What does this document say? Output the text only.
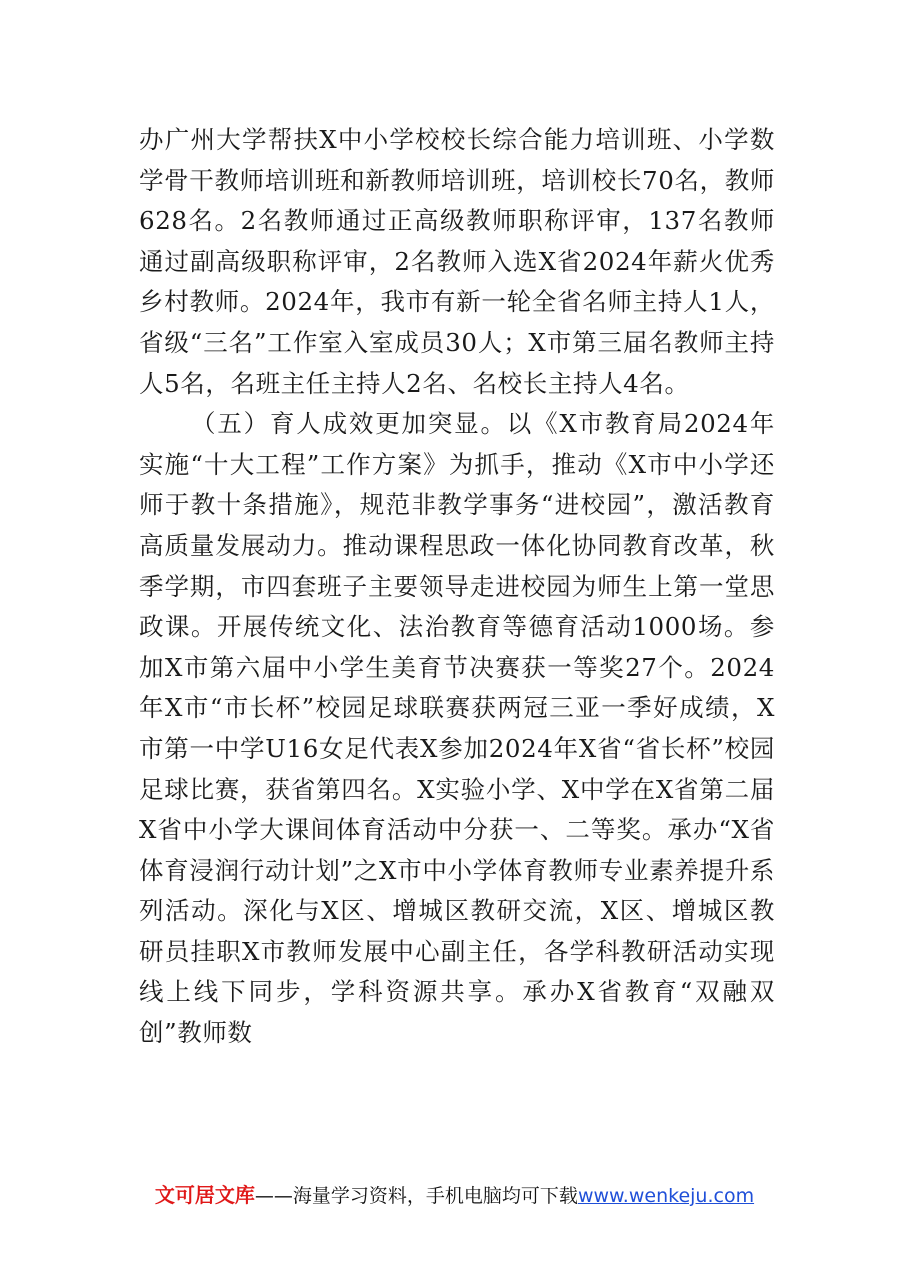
办广州大学帮扶X中小学校校长综合能力培训班、小学数学骨干教师培训班和新教师培训班，培训校长70名，教师628名。2名教师通过正高级教师职称评审，137名教师通过副高级职称评审，2名教师入选X省2024年薪火优秀乡村教师。2024年，我市有新一轮全省名师主持人1人，省级“三名”工作室入室成员30人；X市第三届名教师主持人5名，名班主任主持人2名、名校长主持人4名。

（五）育人成效更加突显。以《X市教育局2024年实施“十大工程”工作方案》为抓手，推动《X市中小学还师于教十条措施》，规范非教学事务“进校园”，激活教育高质量发展动力。推动课程思政一体化协同教育改革，秋季学期，市四套班子主要领导走进校园为师生上第一堂思政课。开展传统文化、法治教育等德育活动1000场。参加X市第六届中小学生美育节决赛获一等奖27个。2024年X市“市长杯”校园足球联赛获两冠三亚一季好成绩，X市第一中学U16女足代表X参加2024年X省“省长杯”校园足球比赛，获省第四名。X实验小学、X中学在X省第二届X省中小学大课间体育活动中分获一、二等奖。承办“X省体育浸润行动计划”之X市中小学体育教师专业素养提升系列活动。深化与X区、增城区教研交流，X区、增城区教研员挂职X市教师发展中心副主任，各学科教研活动实现线上线下同步，学科资源共享。承办X省教育“双融双创”教师数

文可居文库——海量学习资料，手机电脑均可下载www.wenkeju.com
